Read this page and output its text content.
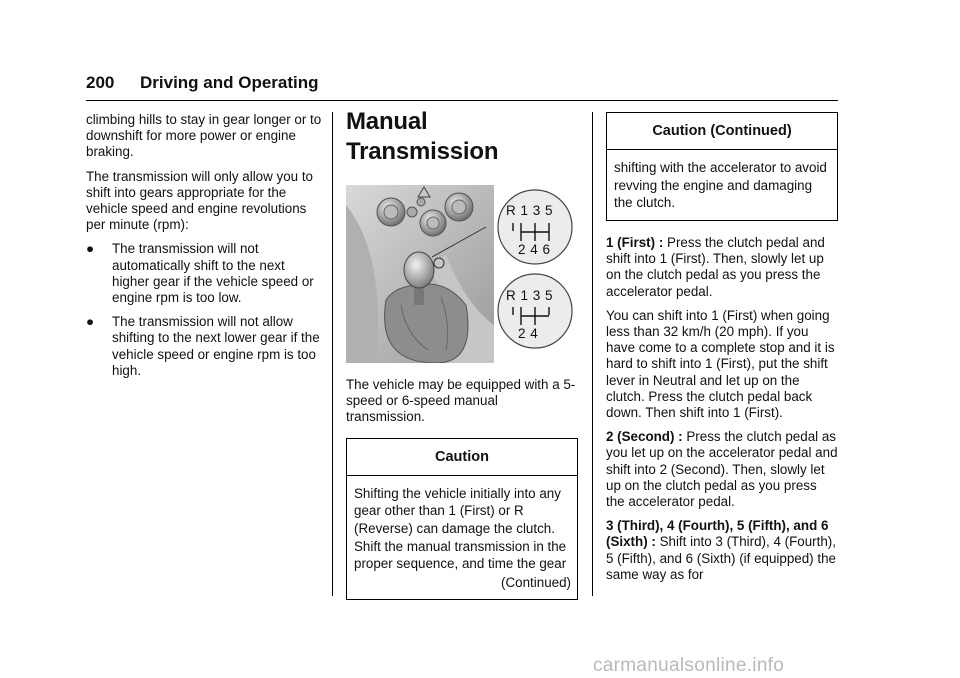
200 Driving and Operating

climbing hills to stay in gear longer or to downshift for more power or engine braking.

The transmission will only allow you to shift into gears appropriate for the vehicle speed and engine revolutions per minute (rpm):

●	The transmission will not automatically shift to the next higher gear if the vehicle speed or engine rpm is too low.
●	The transmission will not allow shifting to the next lower gear if the vehicle speed or engine rpm is too high.
Manual Transmission
R 1 3 5
2 4 6
R 1 3 5
2 4

The vehicle may be equipped with a 5-speed or 6-speed manual transmission.

Caution
Shifting the vehicle initially into any gear other than 1 (First) or R (Reverse) can damage the clutch. Shift the manual transmission in the proper sequence, and time the gear
(Continued)
Caution (Continued)
shifting with the accelerator to avoid revving the engine and damaging the clutch.

1 (First) : Press the clutch pedal and shift into 1 (First). Then, slowly let up on the clutch pedal as you press the accelerator pedal.

You can shift into 1 (First) when going less than 32 km/h (20 mph). If you have come to a complete stop and it is hard to shift into 1 (First), put the shift lever in Neutral and let up on the clutch. Press the clutch pedal back down. Then shift into 1 (First).

2 (Second) : Press the clutch pedal as you let up on the accelerator pedal and shift into 2 (Second). Then, slowly let up on the clutch pedal as you press the accelerator pedal.

3 (Third), 4 (Fourth), 5 (Fifth), and 6 (Sixth) : Shift into 3 (Third), 4 (Fourth), 5 (Fifth), and 6 (Sixth) (if equipped) the same way as for

carmanualsonline.info
